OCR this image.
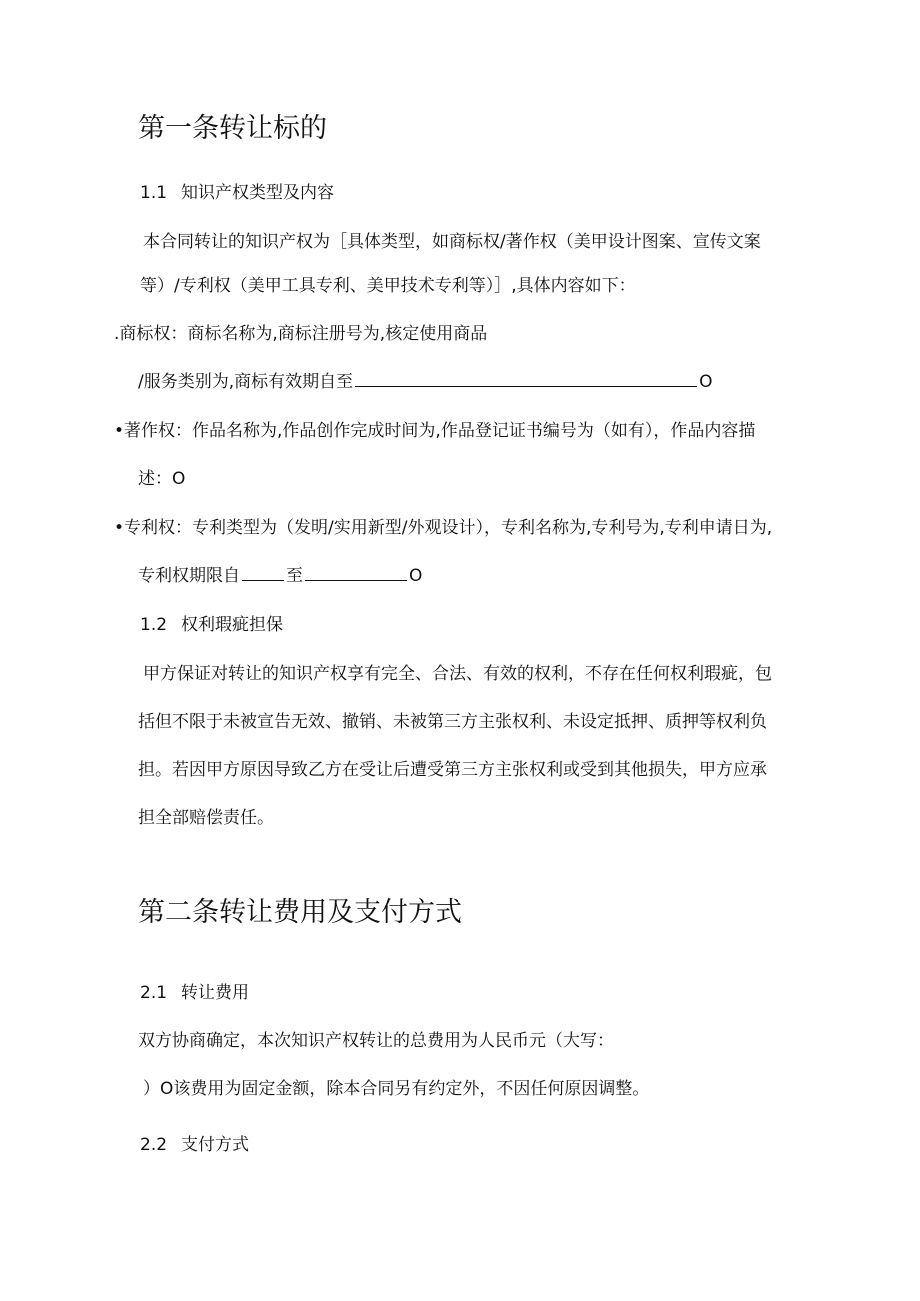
第一条转让标的
1.1 知识产权类型及内容
本合同转让的知识产权为［具体类型，如商标权/著作权（美甲设计图案、宣传文案
等）/专利权（美甲工具专利、美甲技术专利等）］,具体内容如下：
.商标权：商标名称为,商标注册号为,核定使用商品
/服务类别为,商标有效期自至	O
•著作权：作品名称为,作品创作完成时间为,作品登记证书编号为（如有），作品内容描
述：O
•专利权：专利类型为（发明/实用新型/外观设计），专利名称为,专利号为,专利申请日为,
专利权期限自	至	O
1.2 权利瑕疵担保
甲方保证对转让的知识产权享有完全、合法、有效的权利，不存在任何权利瑕疵，包
括但不限于未被宣告无效、撤销、未被第三方主张权利、未设定抵押、质押等权利负
担。若因甲方原因导致乙方在受让后遭受第三方主张权利或受到其他损失，甲方应承
担全部赔偿责任。
第二条转让费用及支付方式
2.1 转让费用
双方协商确定，本次知识产权转让的总费用为人民币元（大写：
）O该费用为固定金额，除本合同另有约定外，不因任何原因调整。
2.2 支付方式
